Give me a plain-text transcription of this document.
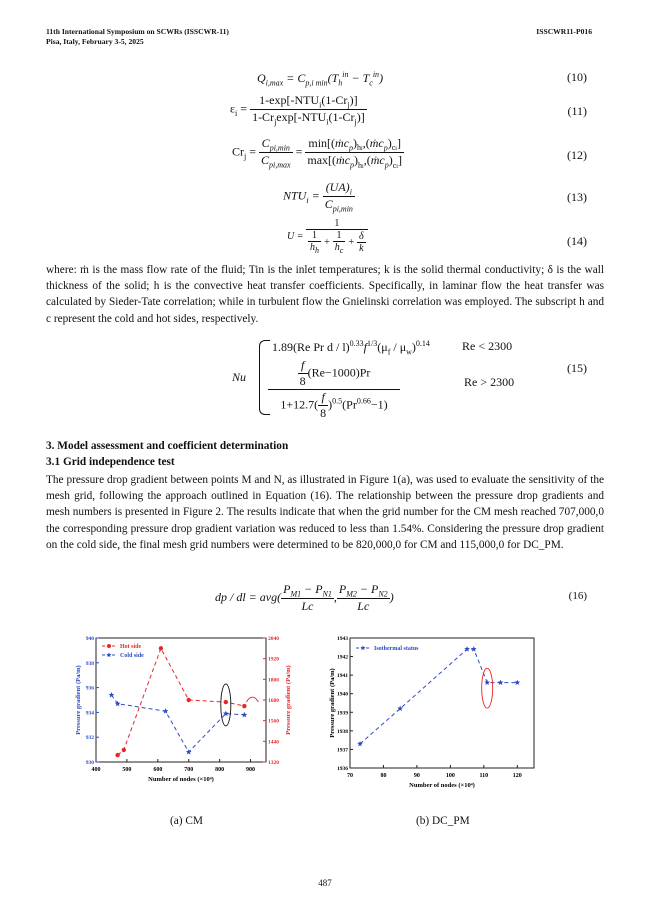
11th International Symposium on SCWRs (ISSCWR-11)
Pisa, Italy, February 3-5, 2025
ISSCWR11-P016
$Q_{i,max} = C_{p,i min}(T_h^{in} - T_c^{in})$	(10)
$\varepsilon_i = \frac{1-\exp[-NTU_i(1-Cr_j)]}{1-Cr_j\exp[-NTU_i(1-Cr_j)]}$	(11)
$Cr_j = \frac{C_{pi,min}}{C_{pi,max}} = \frac{\min[(ṁc_p)_{hi},(ṁc_p)_{ci}]}{\max[(ṁc_p)_{hi},(ṁc_p)_{ci}]}$	(12)
$NTU_i = \frac{(UA)_i}{C_{pi,min}}$	(13)
$U = \frac{1}{\frac{1}{h_h} + \frac{1}{h_c} + \frac{\delta}{k}}$	(14)
where: ṁ is the mass flow rate of the fluid; Tin is the inlet temperatures; k is the solid thermal conductivity; δ is the wall thickness of the solid; h is the convective heat transfer coefficients. Specifically, in laminar flow the heat transfer was calculated by Sieder-Tate correlation; while in turbulent flow the Gnielinski correlation was employed. The subscript h and c represent the cold and hot sides, respectively.
Nu
1.89(Re Pr d / $l)^{0.33}f^{1/3}(\mu_f / \mu_w)^{0.14}$	Re < 2300
$\frac{\frac{f}{8} (Re-1000)Pr}{1+12.7( \frac{f}{8} )^{0.5}(Pr^{0.66}-1)}$	Re > 2300
(15)
3. Model assessment and coefficient determination
3.1 Grid independence test
The pressure drop gradient between points M and N, as illustrated in Figure 1(a), was used to evaluate the sensitivity of the mesh grid, following the approach outlined in Equation (16). The relationship between the pressure drop gradients and mesh numbers is presented in Figure 2. The results indicate that when the grid number for the CM mesh reached 707,000,0 the corresponding pressure drop gradient variation was reduced to less than 1.54%. Considering the pressure drop gradient on the cold side, the final mesh grid numbers were determined to be 820,000,0 for CM and 115,000,0 for DC_PM.
dp / dl = $avg( \frac{P_{M1} - P_{N1}}{Lc}$ , $\frac{P_{M2} - P_{N2}}{Lc}$ )	(16)
400	500	600	700	800	900
930
932
934
936
938
940
1320
1440
1560
1680
1800
1920
2040
Number of nodes (×10⁴)
Pressure gradient (Pa/m)	Pressure gradient (Pa/m)
Hot side
Cold side
70	80	90	100	110	120
1936
1937
1938
1939
1940
1941
1942
1943
Number of nodes (×10⁴)
Pressure gradient (Pa/m)
Isothermal status
(a) CM	(b) DC_PM
487
